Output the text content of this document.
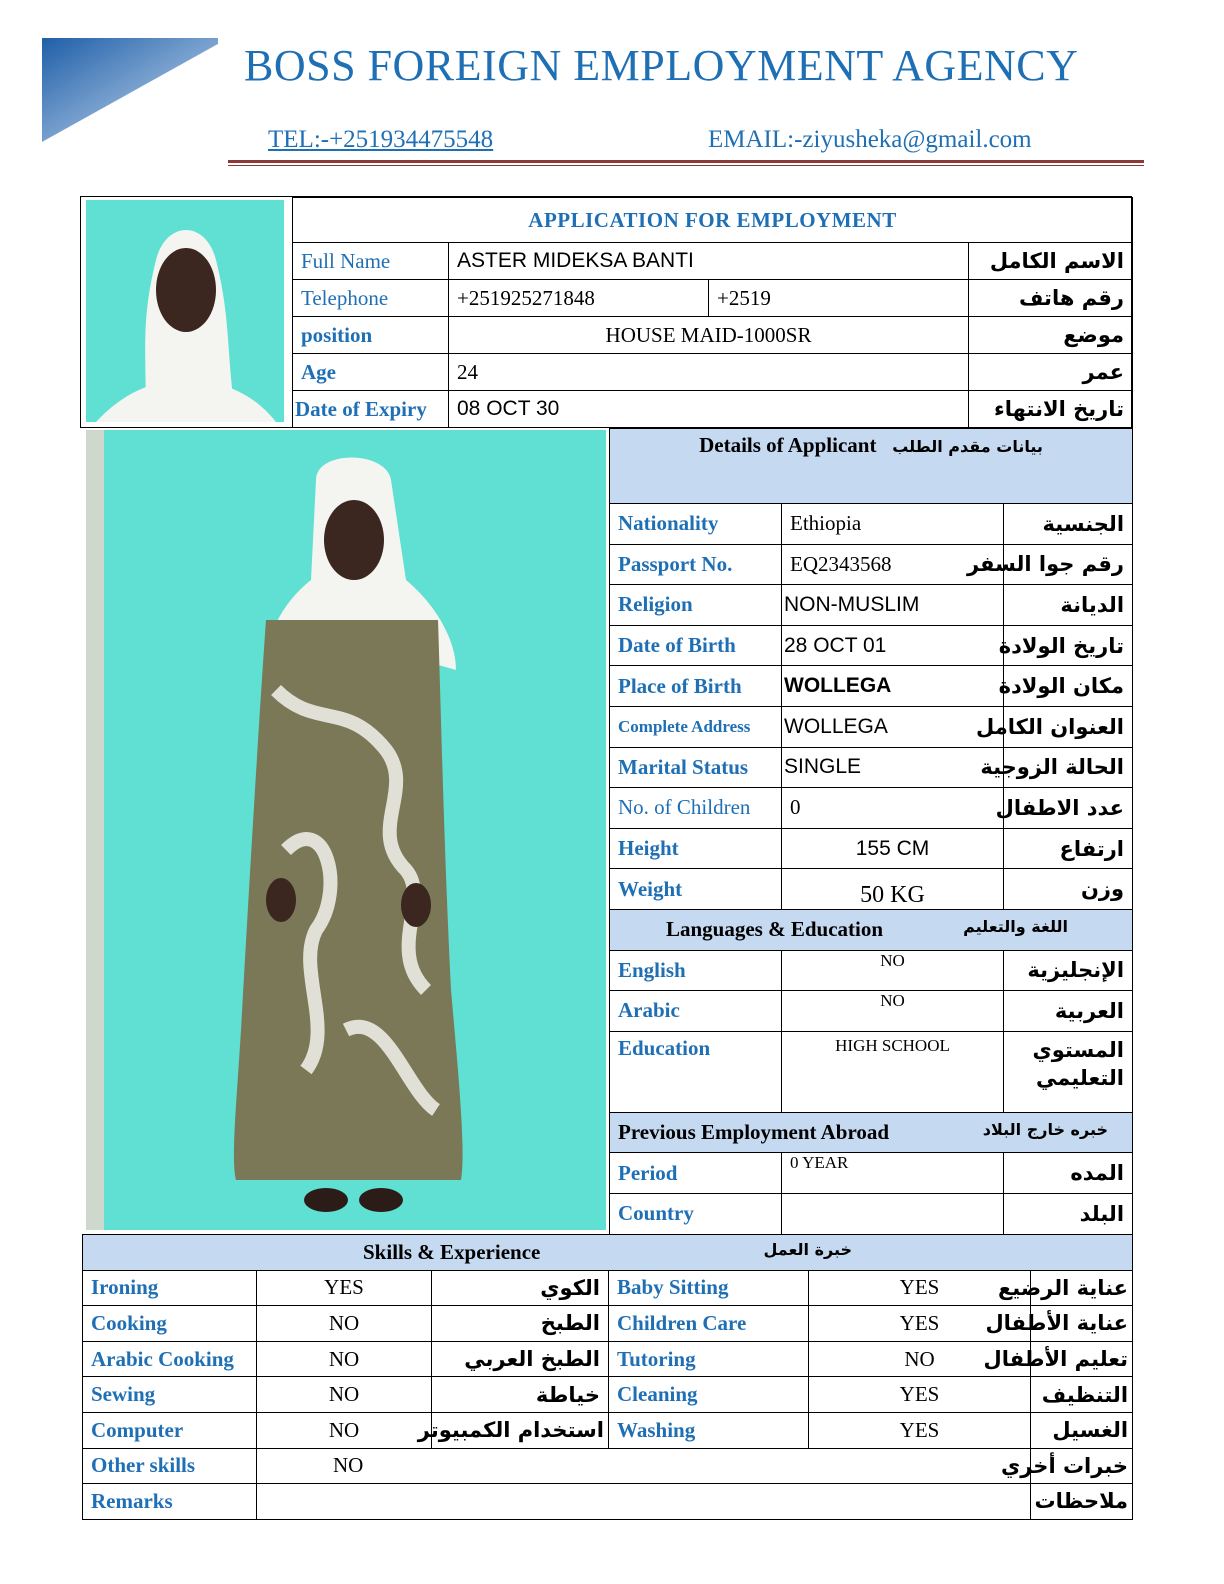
BOSS FOREIGN EMPLOYMENT AGENCY
TEL:-+251934475548	EMAIL:-ziyusheka@gmail.com
APPLICATION FOR EMPLOYMENT			
Full Name	ASTER MIDEKSA BANTI		الاسم الكامل
Telephone	+251925271848	+2519	رقم هاتف
position	HOUSE MAID-1000SR		موضع
Age	24		عمر
Date of Expiry	08 OCT 30		تاريخ الانتهاء
Details of Applicant بيانات مقدم الطلب		
Nationality	Ethiopia	الجنسية
Passport No.	EQ2343568	رقم جوا السفر
Religion	NON-MUSLIM	الديانة
Date of Birth	28 OCT 01	تاريخ الولادة
Place of Birth	WOLLEGA	مكان الولادة
Complete Address	WOLLEGA	العنوان الكامل
Marital Status	SINGLE	الحالة الزوجية
No. of Children	0	عدد الاطفال
Height	155 CM	ارتفاع
Weight	50 KG	وزن
Languages & Education اللغة والتعليم		

English	NO	الإنجليزية
Arabic	NO	العربية
Education	HIGH SCHOOL	المستوي التعليمي
Previous Employment Abroad خبره خارج البلاد		

Period	0 YEAR	المده
Country		البلد
Skills & Experience خبرة العمل					

Ironing	YES	الكوي	Baby Sitting	YES	عناية الرضيع
Cooking	NO	الطبخ	Children Care	YES	عناية الأطفال
Arabic Cooking	NO	الطبخ العربي	Tutoring	NO	تعليم الأطفال
Sewing	NO	خياطة	Cleaning	YES	التنظيف
Computer	NO	استخدام الكمبيوتر	Washing	YES	الغسيل
Other skills	NO				خبرات أخري
Remarks					ملاحظات
